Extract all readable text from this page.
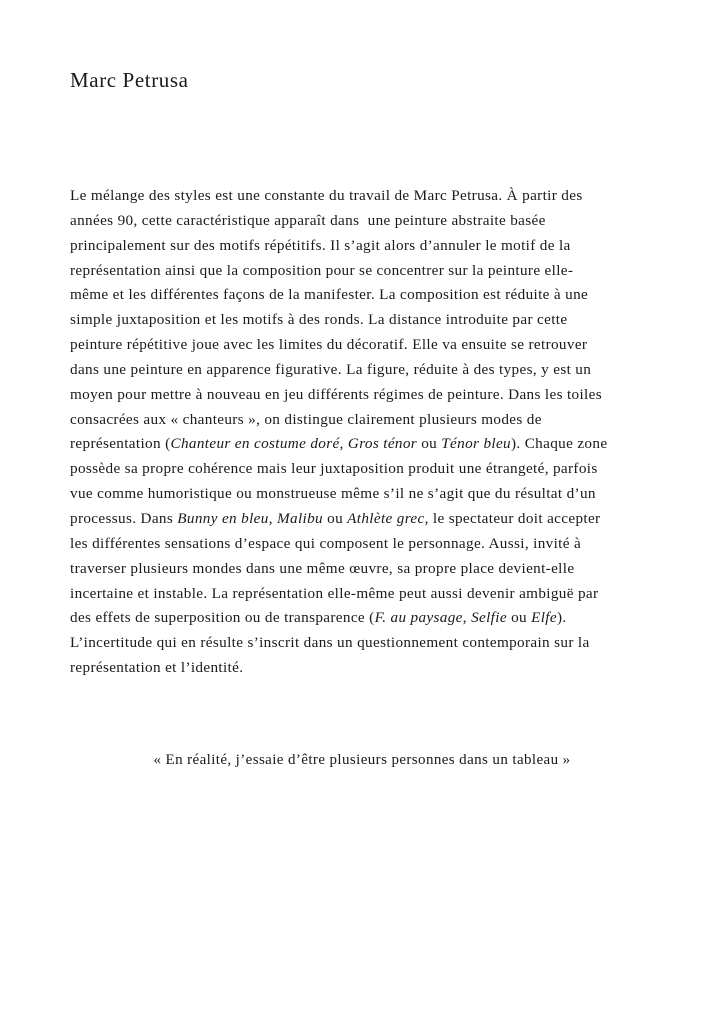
Marc Petrusa
Le mélange des styles est une constante du travail de Marc Petrusa. À partir des
années 90, cette caractéristique apparaît dans  une peinture abstraite basée
principalement sur des motifs répétitifs. Il s’agit alors d’annuler le motif de la
représentation ainsi que la composition pour se concentrer sur la peinture elle-
même et les différentes façons de la manifester. La composition est réduite à une
simple juxtaposition et les motifs à des ronds. La distance introduite par cette
peinture répétitive joue avec les limites du décoratif. Elle va ensuite se retrouver
dans une peinture en apparence figurative. La figure, réduite à des types, y est un
moyen pour mettre à nouveau en jeu différents régimes de peinture. Dans les toiles
consacrées aux « chanteurs », on distingue clairement plusieurs modes de
représentation (Chanteur en costume doré, Gros ténor ou Ténor bleu). Chaque zone
possède sa propre cohérence mais leur juxtaposition produit une étrangeté, parfois
vue comme humoristique ou monstrueuse même s’il ne s’agit que du résultat d’un
processus. Dans Bunny en bleu, Malibu ou Athlète grec, le spectateur doit accepter
les différentes sensations d’espace qui composent le personnage. Aussi, invité à
traverser plusieurs mondes dans une même œuvre, sa propre place devient-elle
incertaine et instable. La représentation elle-même peut aussi devenir ambiguë par
des effets de superposition ou de transparence (F. au paysage, Selfie ou Elfe).
L’incertitude qui en résulte s’inscrit dans un questionnement contemporain sur la
représentation et l’identité.

« En réalité, j’essaie d’être plusieurs personnes dans un tableau »
